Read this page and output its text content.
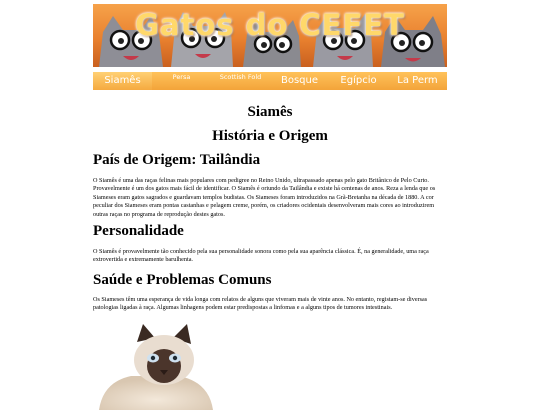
Gatos do CEFET
Siamês	Persa	Scottish Fold	Bosque	Egípcio	La Perm
Siamês
História e Origem
País de Origem: Tailândia

O Siamês é uma das raças felinas mais populares com pedigree no Reino Unido, ultrapassado apenas pelo gato Britânico de Pelo Curto. Provavelmente é um dos gatos mais fácil de identificar. O Siamês é oriundo da Tailândia e existe há centenas de anos. Reza a lenda que os Siameses eram gatos sagrados e guardavam templos budistas. Os Siameses foram introduzidos na Grã-Bretanha na década de 1880. A cor peculiar dos Siameses eram pontas castanhas e pelagem creme, porém, os criadores ocidentais desenvolveram mais cores ao introduzirem outras raças no programa de reprodução destes gatos.

Personalidade

O Siamês é provavelmente tão conhecido pela sua personalidade sonora como pela sua aparência clássica. É, na generalidade, uma raça extrovertida e extremamente barulhenta.

Saúde e Problemas Comuns

Os Siameses têm uma esperança de vida longa com relatos de alguns que viveram mais de vinte anos. No entanto, registam-se diversas patologias ligadas à raça. Algumas linhagens podem estar predispostas a linfomas e a alguns tipos de tumores intestinais.
